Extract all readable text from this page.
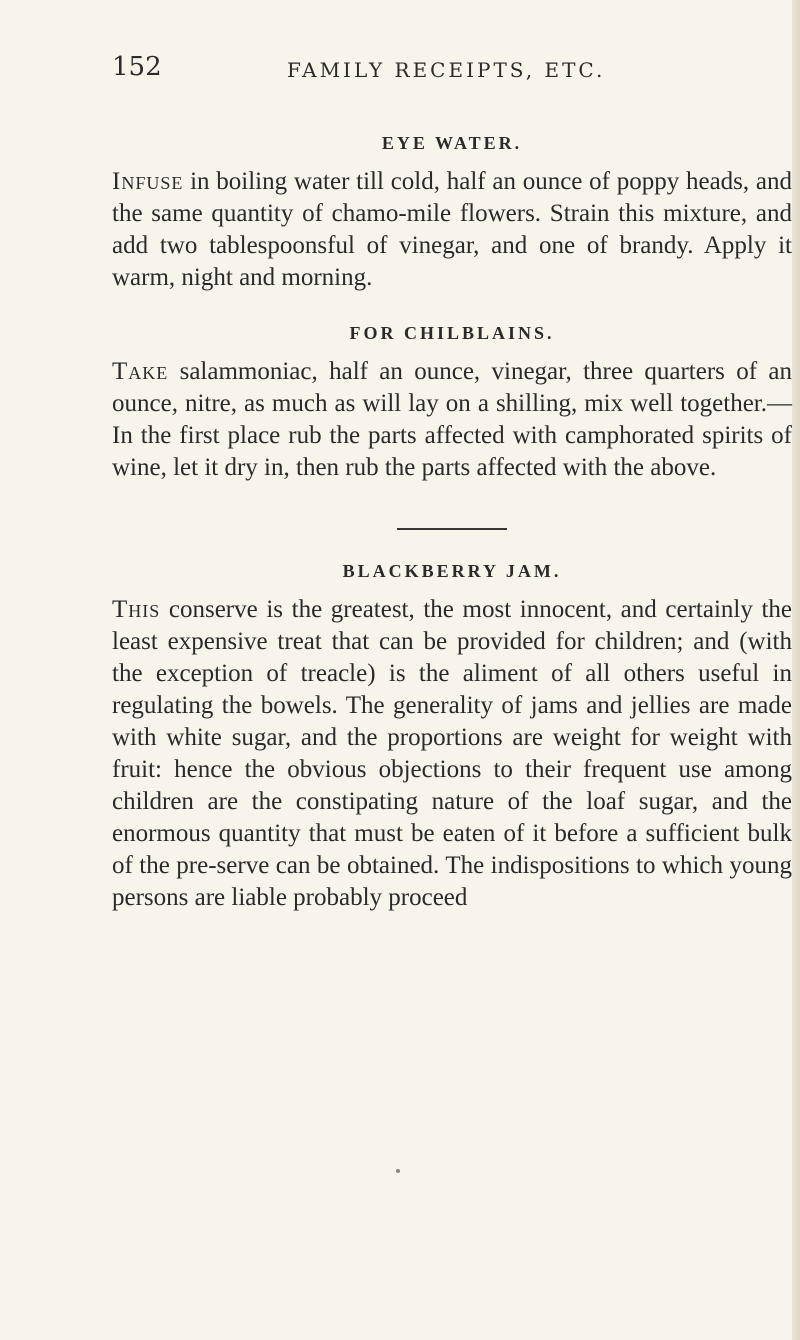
152	FAMILY RECEIPTS, ETC.
EYE WATER.

Infuse in boiling water till cold, half an ounce of poppy heads, and the same quantity of chamo-mile flowers. Strain this mixture, and add two tablespoonsful of vinegar, and one of brandy. Apply it warm, night and morning.

FOR CHILBLAINS.

Take salammoniac, half an ounce, vinegar, three quarters of an ounce, nitre, as much as will lay on a shilling, mix well together.—In the first place rub the parts affected with camphorated spirits of wine, let it dry in, then rub the parts affected with the above.

BLACKBERRY JAM.

This conserve is the greatest, the most innocent, and certainly the least expensive treat that can be provided for children; and (with the exception of treacle) is the aliment of all others useful in regulating the bowels. The generality of jams and jellies are made with white sugar, and the proportions are weight for weight with fruit: hence the obvious objections to their frequent use among children are the constipating nature of the loaf sugar, and the enormous quantity that must be eaten of it before a sufficient bulk of the pre-serve can be obtained. The indispositions to which young persons are liable probably proceed
